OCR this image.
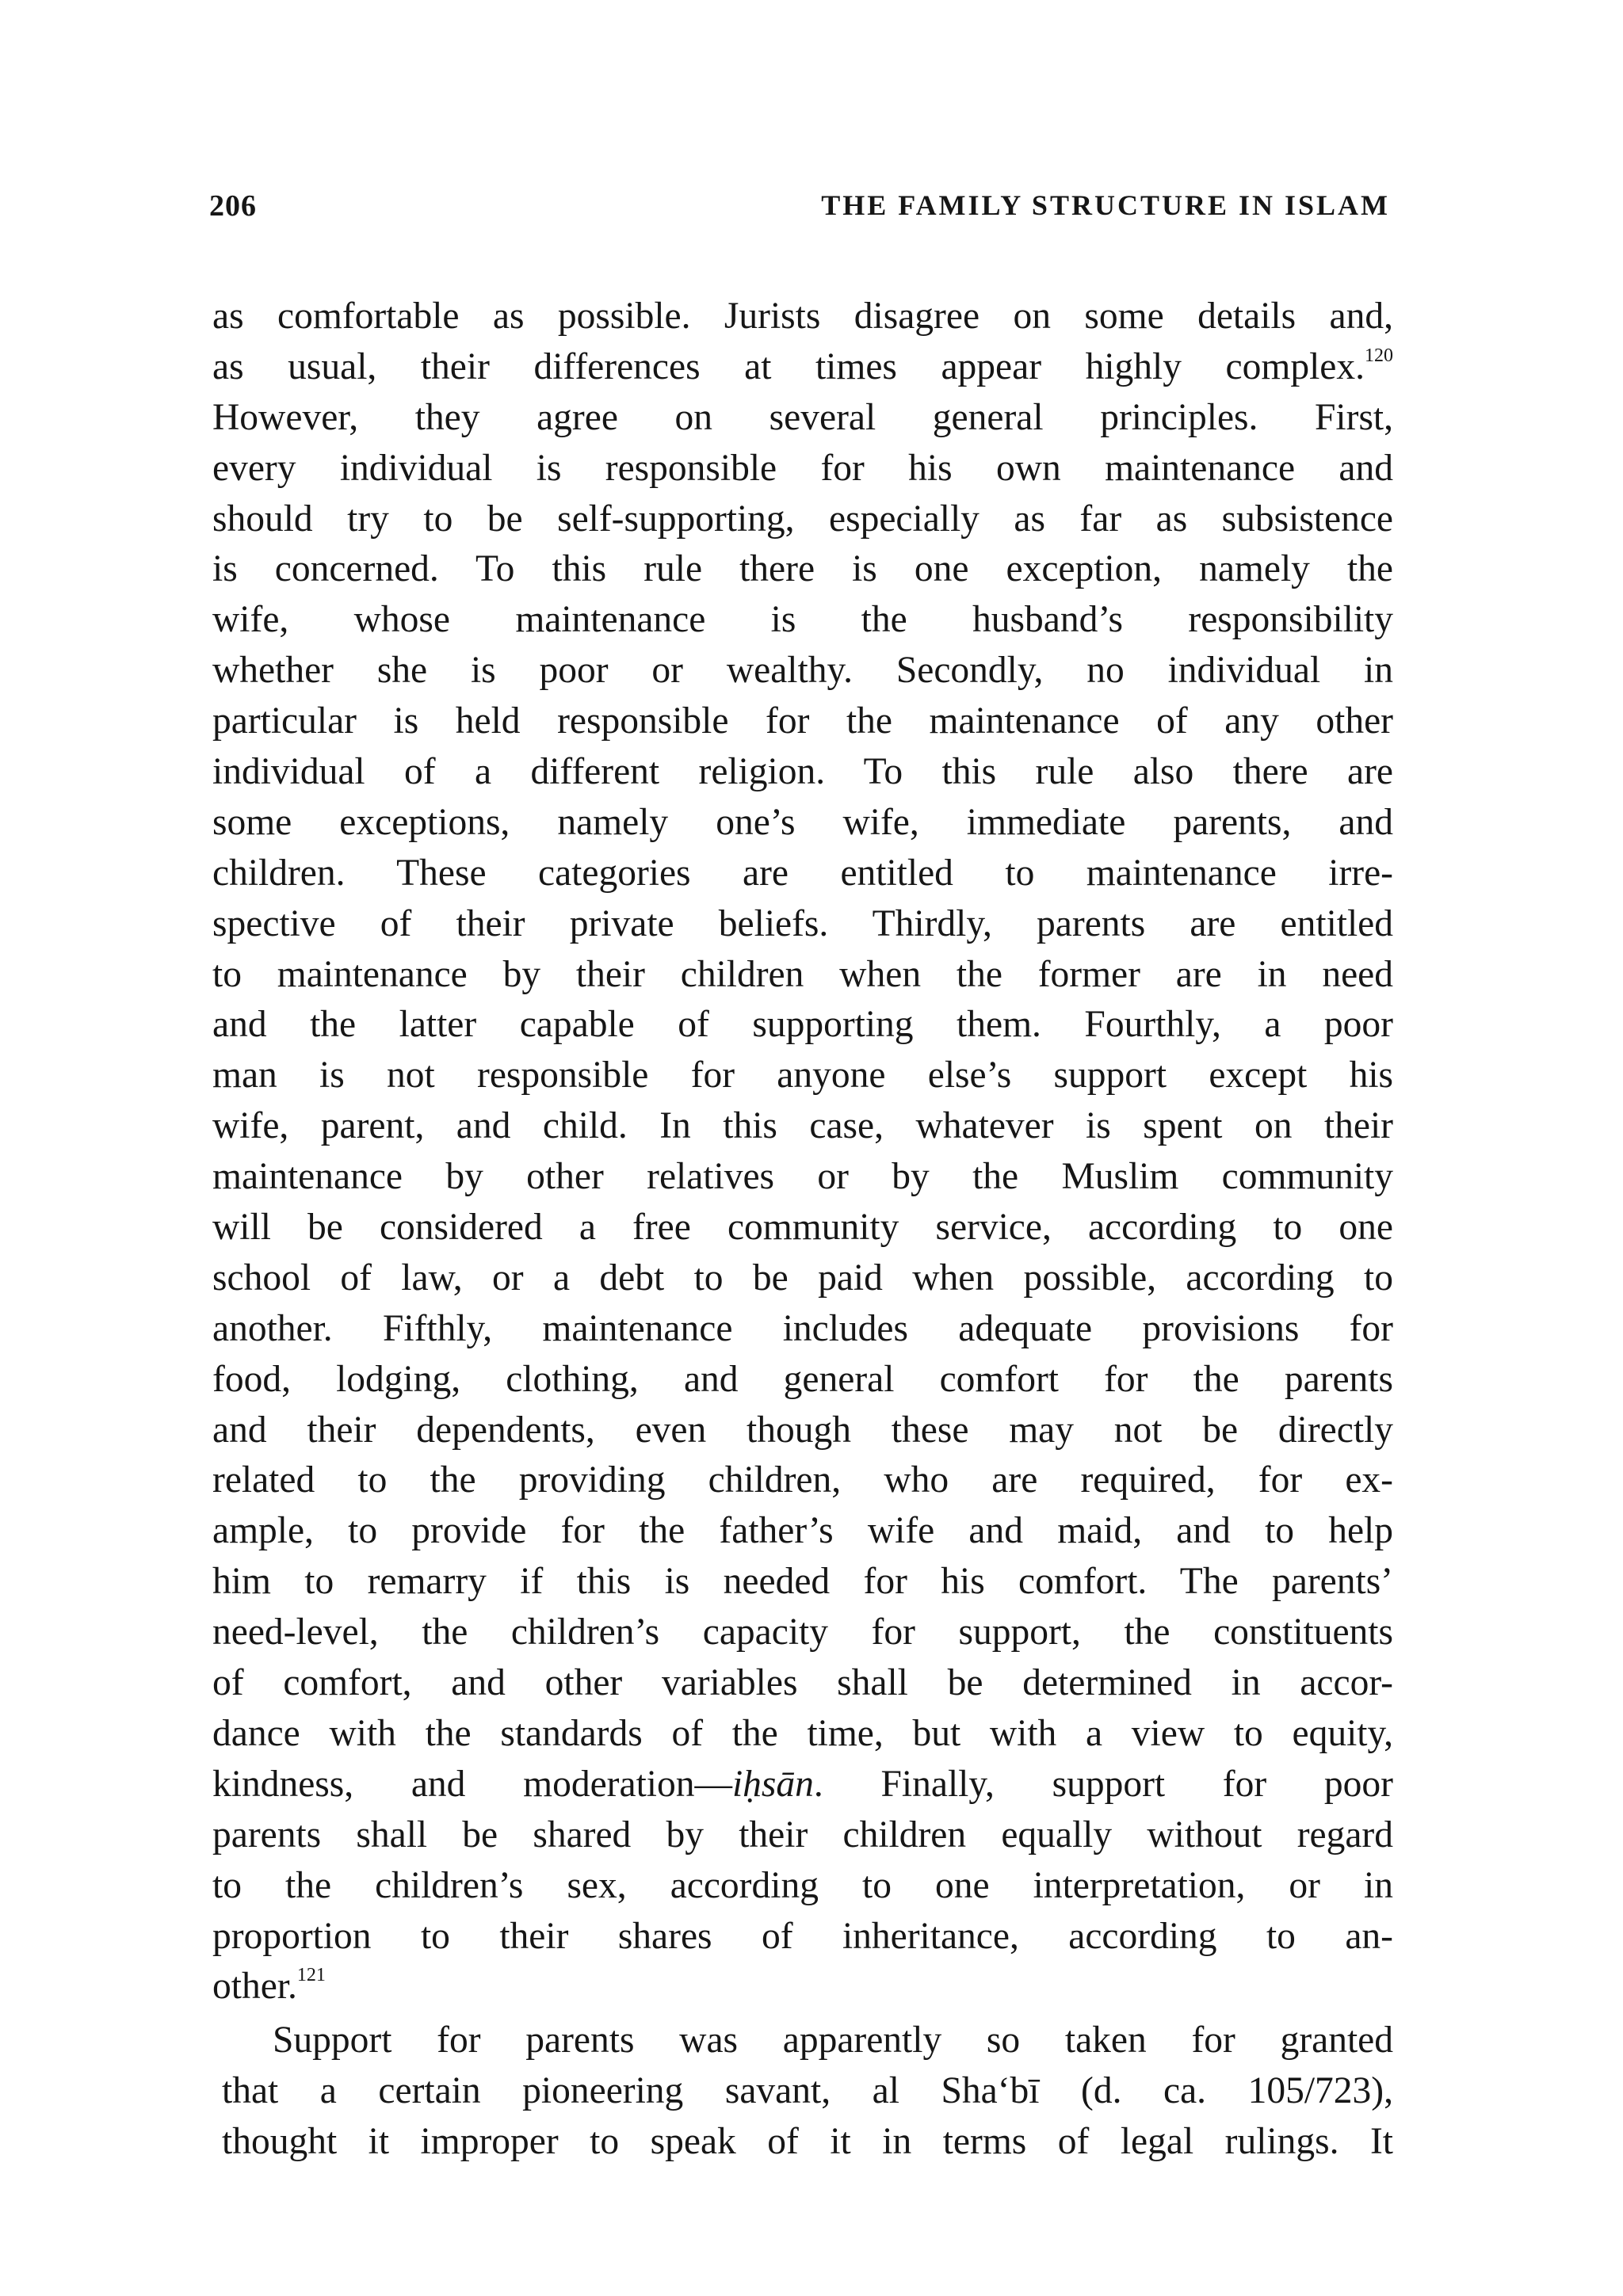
206	THE FAMILY STRUCTURE IN ISLAM
as comfortable as possible. Jurists disagree on some details and,
as usual, their differences at times appear highly complex.$^{120}$
However, they agree on several general principles. First,
every individual is responsible for his own maintenance and
should try to be self-supporting, especially as far as subsistence
is concerned. To this rule there is one exception, namely the
wife, whose maintenance is the husband’s responsibility
whether she is poor or wealthy. Secondly, no individual in
particular is held responsible for the maintenance of any other
individual of a different religion. To this rule also there are
some exceptions, namely one’s wife, immediate parents, and
children. These categories are entitled to maintenance irre-
spective of their private beliefs. Thirdly, parents are entitled
to maintenance by their children when the former are in need
and the latter capable of supporting them. Fourthly, a poor
man is not responsible for anyone else’s support except his
wife, parent, and child. In this case, whatever is spent on their
maintenance by other relatives or by the Muslim community
will be considered a free community service, according to one
school of law, or a debt to be paid when possible, according to
another. Fifthly, maintenance includes adequate provisions for
food, lodging, clothing, and general comfort for the parents
and their dependents, even though these may not be directly
related to the providing children, who are required, for ex-
ample, to provide for the father’s wife and maid, and to help
him to remarry if this is needed for his comfort. The parents’
need-level, the children’s capacity for support, the constituents
of comfort, and other variables shall be determined in accor-
dance with the standards of the time, but with a view to equity,
kindness, and moderation—iḥsān. Finally, support for poor
parents shall be shared by their children equally without regard
to the children’s sex, according to one interpretation, or in
proportion to their shares of inheritance, according to an-
other.$^{121}$
Support for parents was apparently so taken for granted
that a certain pioneering savant, al Sha‘bī (d. ca. 105/723),
thought it improper to speak of it in terms of legal rulings. It
